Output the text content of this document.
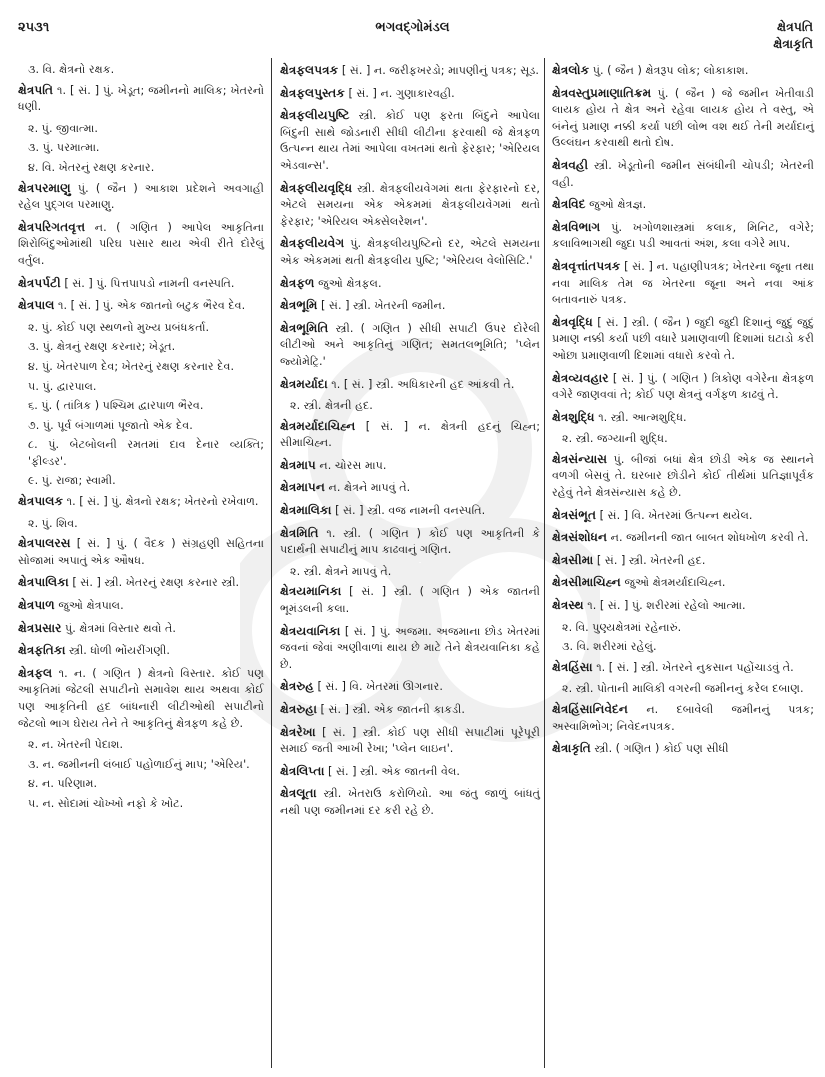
૨૫૩૧	ભગવદ્ગોમંડલ	ક્ષેત્રપતિ
ક્ષેત્રાકૃતિ
૩. વિ. ક્ષેત્રનો રક્ષક.
ક્ષેત્રપતિ ૧. [ સં. ] પું. ખેડૂત; જમીનનો માલિક; ખેતરનો ધણી.
૨. પું. જીવાત્મા.
૩. પું. પરમાત્મા.
૪. વિ. ખેતરનું રક્ષણ કરનાર.
ક્ષેત્રપરમાણુ પું. ( જૈન ) આકાશ પ્રદેશને અવગાહી રહેલ પુદ્ગલ પરમાણુ.
ક્ષેત્રપરિગતવૃત્ત ન. ( ગણિત ) આપેલ આકૃતિના શિરોબિંદુઓમાંથી પરિઘ પસાર થાય એવી રીતે દોરેલું વર્તુલ.
ક્ષેત્રપર્પટી [ સં. ] પું. પિત્તપાપડો નામની વનસ્પતિ.
ક્ષેત્રપાલ ૧. [ સં. ] પું. એક જાતનો બટુક ભૈરવ દેવ.
૨. પું. કોઈ પણ સ્થળનો મુખ્ય પ્રબંધકર્તા.
૩. પું. ક્ષેત્રનું રક્ષણ કરનાર; ખેડૂત.
૪. પું. ખેતરપાળ દેવ; ખેતરનું રક્ષણ કરનાર દેવ.
૫. પું. દ્વારપાલ.
૬. પું. ( તાંત્રિક ) પશ્ચિમ દ્વારપાળ ભૈરવ.
૭. પું. પૂર્વ બંગાળમાં પૂજાતો એક દેવ.
૮. પું. બેટબોલની રમતમાં દાવ દેનાર વ્યક્તિ; 'ફીલ્ડર'.
૯. પું. રાજા; સ્વામી.
ક્ષેત્રપાલક ૧. [ સં. ] પું. ક્ષેત્રનો રક્ષક; ખેતરનો રખેવાળ.
૨. પું. શિવ.
ક્ષેત્રપાલરસ [ સં. ] પું. ( વૈદક ) સંગ્રહણી સહિતના સોજામાં અપાતું એક ઔષધ.
ક્ષેત્રપાલિકા [ સં. ] સ્ત્રી. ખેતરનું રક્ષણ કરનાર સ્ત્રી.
ક્ષેત્રપાળ જુઓ ક્ષેત્રપાલ.
ક્ષેત્રપ્રસાર પું. ક્ષેત્રમાં વિસ્તાર થવો તે.
ક્ષેત્રફતિકા સ્ત્રી. ધોળી ભોંયરીંગણી.
ક્ષેત્રફલ ૧. ન. ( ગણિત ) ક્ષેત્રનો વિસ્તાર. કોઈ પણ આકૃતિમાં જેટલી સપાટીનો સમાવેશ થાય અથવા કોઈ પણ આકૃતિની હદ બાંધનારી લીટીઓથી સપાટીનો જેટલો ભાગ ઘેરાય તેને તે આકૃતિનું ક્ષેત્રફળ કહે છે.
૨. ન. ખેતરની પેદાશ.
૩. ન. જમીનની લંબાઈ પહોળાઈનું માપ; 'એરિય'.
૪. ન. પરિણામ.
૫. ન. સોદામાં ચોખ્ખો નફો કે ખોટ.
ક્ષેત્રફલપત્રક [ સં. ] ન. જરીફખરડો; માપણીનું પત્રક; સૂડ.
ક્ષેત્રફલપુસ્તક [ સં. ] ન. ગુણાકારવહી.
ક્ષેત્રફલીયપુષ્ટિ સ્ત્રી. કોઈ પણ ફરતા બિંદુને આપેલા બિંદુની સાથે જોડનારી સીધી લીટીના ફરવાથી જે ક્ષેત્રફળ ઉત્પન્ન થાય તેમાં આપેલા વખતમાં થતો ફેરફાર; 'એરિયલ એડવાન્સ'.
ક્ષેત્રફલીયવૃદ્ધિ સ્ત્રી. ક્ષેત્રફલીયવેગમાં થતા ફેરફારનો દર, એટલે સમયના એક એકમમાં ક્ષેત્રફલીયવેગમાં થતો ફેરફાર; 'એરિયલ એક્સેલરેશન'.
ક્ષેત્રફલીયવેગ પું. ક્ષેત્રફલીયપુષ્ટિનો દર, એટલે સમયના એક એકમમાં થતી ક્ષેત્રફલીય પુષ્ટિ; 'એરિયલ વેલોસિટિ.'
ક્ષેત્રફળ જુઓ ક્ષેત્રફલ.
ક્ષેત્રભૂમિ [ સં. ] સ્ત્રી. ખેતરની જમીન.
ક્ષેત્રભૂમિતિ સ્ત્રી. ( ગણિત ) સીધી સપાટી ઉપર દોરેલી લીટીઓ અને આકૃતિનું ગણિત; સમતલભૂમિતિ; 'પ્લેન જ્યોમેટ્રિ.'
ક્ષેત્રમર્યાદા ૧. [ સં. ] સ્ત્રી. અધિકારની હદ આંકવી તે.
૨. સ્ત્રી. ક્ષેત્રની હદ.
ક્ષેત્રમર્યાદાચિહ્ન [ સં. ] ન. ક્ષેત્રની હદનું ચિહ્ન; સીમાચિહ્ન.
ક્ષેત્રમાપ ન. ચોરસ માપ.
ક્ષેત્રમાપન ન. ક્ષેત્રને માપવું તે.
ક્ષેત્રમાલિકા [ સં. ] સ્ત્રી. વજ નામની વનસ્પતિ.
ક્ષેત્રમિતિ ૧. સ્ત્રી. ( ગણિત ) કોઈ પણ આકૃતિની કે પદાર્થની સપાટીનું માપ કાઢવાનું ગણિત.
૨. સ્ત્રી. ક્ષેત્રને માપવું તે.
ક્ષેત્રયમાનિકા [ સં. ] સ્ત્રી. ( ગણિત ) એક જાતની ભૂમંડલની કલા.
ક્ષેત્રયવાનિકા [ સં. ] પું. અજમા. અજમાના છોડ ખેતરમાં જવનાં જેવાં અણીવાળાં થાય છે માટે તેને ક્ષેત્રયવાનિકા કહે છે.
ક્ષેત્રરુહ [ સં. ] વિ. ખેતરમાં ઊગનાર.
ક્ષેત્રરુહા [ સં. ] સ્ત્રી. એક જાતની કાકડી.
ક્ષેત્રરેખા [ સં. ] સ્ત્રી. કોઈ પણ સીધી સપાટીમાં પૂરેપૂરી સમાઈ જતી આખી રેખા; 'પ્લેન લાઇન'.
ક્ષેત્રલિપ્તા [ સં. ] સ્ત્રી. એક જાતની વેલ.
ક્ષેત્રલૂતા સ્ત્રી. ખેતરાઉ કરોળિયો. આ જંતુ જાળું બાંધતું નથી પણ જમીનમાં દર કરી રહે છે.
ક્ષેત્રલોક પું. ( જૈન ) ક્ષેત્રરૂપ લોક; લોકાકાશ.
ક્ષેત્રવસ્તુપ્રમાણાતિક્રમ પું. ( જૈન ) જે જમીન ખેતીવાડી લાયક હોય તે ક્ષેત્ર અને રહેવા લાયક હોય તે વસ્તુ, એ બંનેનું પ્રમાણ નક્કી કર્યા પછી લોભ વશ થઈ તેની મર્યાદાનું ઉલ્લંઘન કરવાથી થતો દોષ.
ક્ષેત્રવહી સ્ત્રી. ખેડૂતોની જમીન સંબંધીની ચોપડી; ખેતરની વહી.
ક્ષેત્રવિદ જુઓ ક્ષેત્રજ્ઞ.
ક્ષેત્રવિભાગ પું. ખગોળશાસ્ત્રમાં કલાક, મિનિટ, વગેરે; કલાવિભાગથી જુદા પડી આવતાં અંશ, કલા વગેરે માપ.
ક્ષેત્રવૃત્તાંતપત્રક [ સં. ] ન. પહાણીપત્રક; ખેતરના જૂના તથા નવા માલિક તેમ જ ખેતરના જૂના અને નવા આંક બતાવનારું પત્રક.
ક્ષેત્રવૃદ્ધિ [ સં. ] સ્ત્રી. ( જૈન ) જુદી જુદી દિશાનું જુદું જુદું પ્રમાણ નક્કી કર્યા પછી વધારે પ્રમાણવાળી દિશામાં ઘટાડો કરી ઓછા પ્રમાણવાળી દિશામાં વધારો કરવો તે.
ક્ષેત્રવ્યવહાર [ સં. ] પું. ( ગણિત ) ત્રિકોણ વગેરેના ક્ષેત્રફળ વગેરે જાણવવાં તે; કોઈ પણ ક્ષેત્રનું વર્ગફળ કાઢવું તે.
ક્ષેત્રશુદ્ધિ ૧. સ્ત્રી. આત્મશુદ્ધિ.
૨. સ્ત્રી. જગ્યાની શુદ્ધિ.
ક્ષેત્રસંન્યાસ પું. બીજાં બધાં ક્ષેત્ર છોડી એક જ સ્થાનને વળગી બેસવું તે. ઘરબાર છોડીને કોઈ તીર્થમાં પ્રતિજ્ઞાપૂર્વક રહેવું તેને ક્ષેત્રસંન્યાસ કહે છે.
ક્ષેત્રસંભૂત [ સં. ] વિ. ખેતરમાં ઉત્પન્ન થયેલ.
ક્ષેત્રસંશોધન ન. જમીનની જાત બાબત શોધખોળ કરવી તે.
ક્ષેત્રસીમા [ સં. ] સ્ત્રી. ખેતરની હદ.
ક્ષેત્રસીમાચિહ્ન જુઓ ક્ષેત્રમર્યાદાચિહ્ન.
ક્ષેત્રસ્થ ૧. [ સં. ] પું. શરીરમાં રહેલો આત્મા.
૨. વિ. પુણ્યક્ષેત્રમાં રહેનારું.
૩. વિ. શરીરમાં રહેલું.
ક્ષેત્રહિંસા ૧. [ સં. ] સ્ત્રી. ખેતરને નુકસાન પહોંચાડવું તે.
૨. સ્ત્રી. પોતાની માલિકી વગરની જમીનનું કરેલ દબાણ.
ક્ષેત્રહિંસાનિવેદન ન. દબાવેલી જમીનનું પત્રક; અસ્વામિભોગ; નિવેદનપત્રક.
ક્ષેત્રાકૃતિ સ્ત્રી. ( ગણિત ) કોઈ પણ સીધી
